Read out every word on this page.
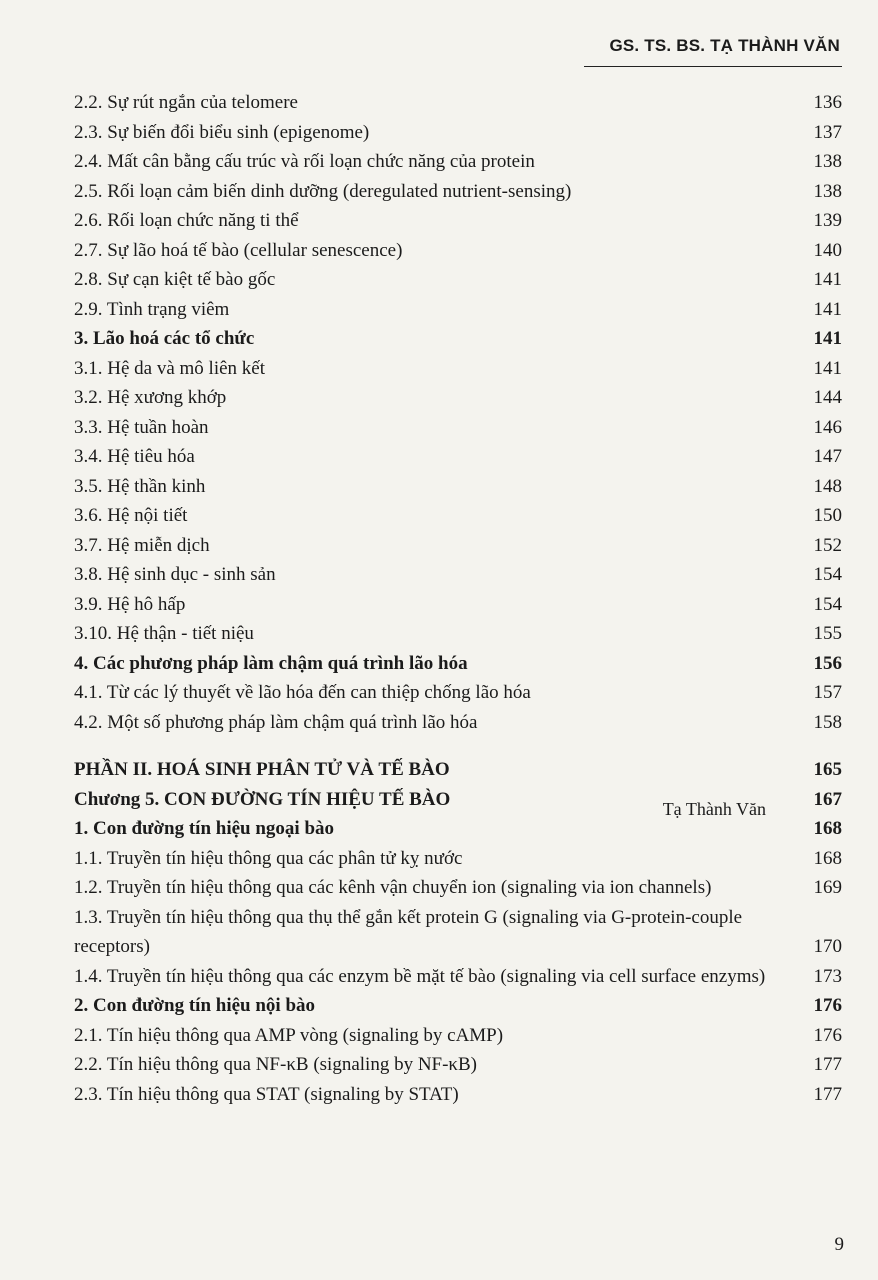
GS. TS. BS. TẠ THÀNH VĂN
2.2. Sự rút ngắn của telomere	136
2.3. Sự biến đổi biểu sinh (epigenome)	137
2.4. Mất cân bằng cấu trúc và rối loạn chức năng của protein	138
2.5. Rối loạn cảm biến dinh dưỡng (deregulated nutrient-sensing)	138
2.6. Rối loạn chức năng ti thể	139
2.7. Sự lão hoá tế bào (cellular senescence)	140
2.8. Sự cạn kiệt tế bào gốc	141
2.9. Tình trạng viêm	141
3. Lão hoá các tổ chức	141
3.1. Hệ da và mô liên kết	141
3.2. Hệ xương khớp	144
3.3. Hệ tuần hoàn	146
3.4. Hệ tiêu hóa	147
3.5. Hệ thần kinh	148
3.6. Hệ nội tiết	150
3.7. Hệ miễn dịch	152
3.8. Hệ sinh dục - sinh sản	154
3.9. Hệ hô hấp	154
3.10. Hệ thận - tiết niệu	155
4. Các phương pháp làm chậm quá trình lão hóa	156
4.1. Từ các lý thuyết về lão hóa đến can thiệp chống lão hóa	157
4.2. Một số phương pháp làm chậm quá trình lão hóa	158
PHẦN II. HOÁ SINH PHÂN TỬ VÀ TẾ BÀO	165
Chương 5. CON ĐƯỜNG TÍN HIỆU TẾ BÀO	Tạ Thành Văn	167
1. Con đường tín hiệu ngoại bào	168
1.1. Truyền tín hiệu thông qua các phân tử kỵ nước	168
1.2. Truyền tín hiệu thông qua các kênh vận chuyển ion (signaling via ion channels)	169
1.3. Truyền tín hiệu thông qua thụ thể gắn kết protein G (signaling via G-protein-couple receptors)	170
1.4. Truyền tín hiệu thông qua các enzym bề mặt tế bào (signaling via cell surface enzyms)	173
2. Con đường tín hiệu nội bào	176
2.1. Tín hiệu thông qua AMP vòng (signaling by cAMP)	176
2.2. Tín hiệu thông qua NF-κB (signaling by NF-κB)	177
2.3. Tín hiệu thông qua STAT (signaling by STAT)	177
9
